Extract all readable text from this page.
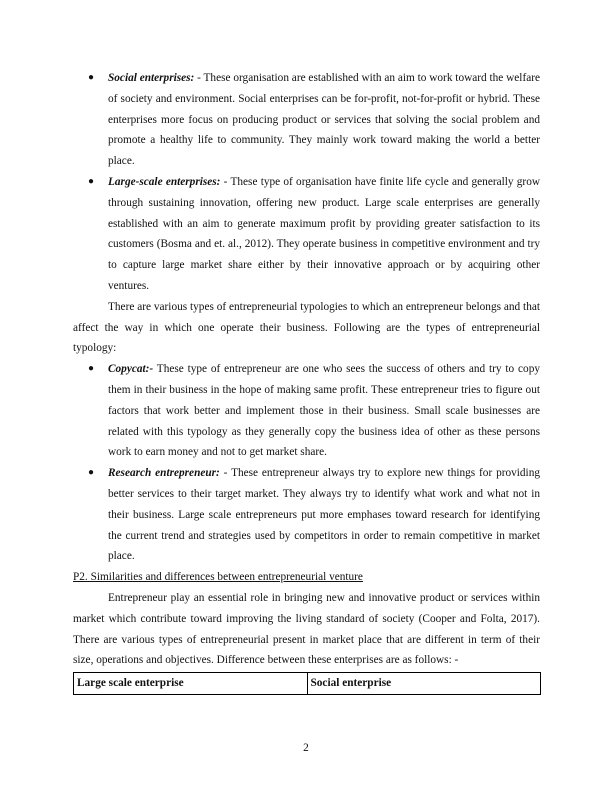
● Social enterprises: - These organisation are established with an aim to work toward the welfare of society and environment. Social enterprises can be for-profit, not-for-profit or hybrid. These enterprises more focus on producing product or services that solving the social problem and promote a healthy life to community. They mainly work toward making the world a better place.
● Large-scale enterprises: - These type of organisation have finite life cycle and generally grow through sustaining innovation, offering new product. Large scale enterprises are generally established with an aim to generate maximum profit by providing greater satisfaction to its customers (Bosma and et. al., 2012). They operate business in competitive environment and try to capture large market share either by their innovative approach or by acquiring other ventures.

There are various types of entrepreneurial typologies to which an entrepreneur belongs and that affect the way in which one operate their business. Following are the types of entrepreneurial typology:

● Copycat:- These type of entrepreneur are one who sees the success of others and try to copy them in their business in the hope of making same profit. These entrepreneur tries to figure out factors that work better and implement those in their business. Small scale businesses are related with this typology as they generally copy the business idea of other as these persons work to earn money and not to get market share.
● Research entrepreneur: - These entrepreneur always try to explore new things for providing better services to their target market. They always try to identify what work and what not in their business. Large scale entrepreneurs put more emphases toward research for identifying the current trend and strategies used by competitors in order to remain competitive in market place.

P2. Similarities and differences between entrepreneurial venture

Entrepreneur play an essential role in bringing new and innovative product or services within market which contribute toward improving the living standard of society (Cooper and Folta, 2017). There are various types of entrepreneurial present in market place that are different in term of their size, operations and objectives. Difference between these enterprises are as follows: -

Large scale enterprise	Social enterprise
2
